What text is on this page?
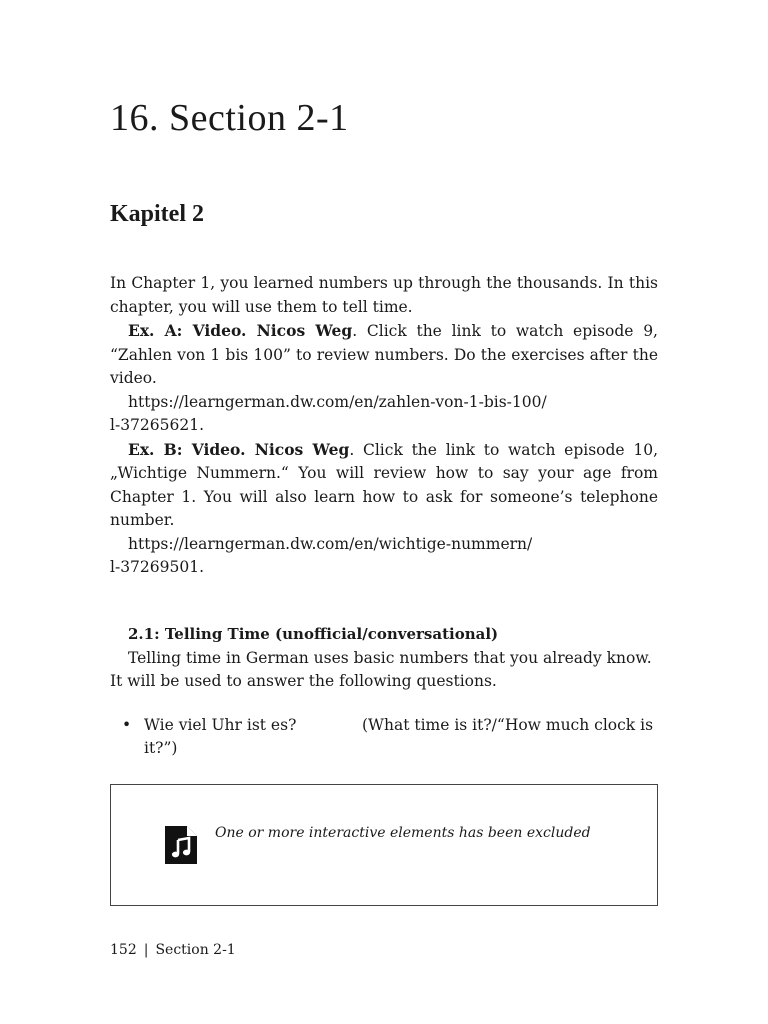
16. Section 2-1
Kapitel 2

In Chapter 1, you learned numbers up through the thousands. In this chapter, you will use them to tell time.

Ex. A: Video. Nicos Weg. Click the link to watch episode 9, “Zahlen von 1 bis 100” to review numbers. Do the exercises after the video.

https://learngerman.dw.com/en/zahlen-von-1-bis-100/

l-37265621.

Ex. B: Video. Nicos Weg. Click the link to watch episode 10, „Wichtige Nummern.“ You will review how to say your age from Chapter 1. You will also learn how to ask for someone’s telephone number.

https://learngerman.dw.com/en/wichtige-nummern/

l-37269501.

2.1: Telling Time (unofficial/conversational)

Telling time in German uses basic numbers that you already know. It will be used to answer the following questions.

• Wie viel Uhr ist es?	(What time is it?/“How much clock is it?”)
One or more interactive elements has been excluded
152 | Section 2-1
